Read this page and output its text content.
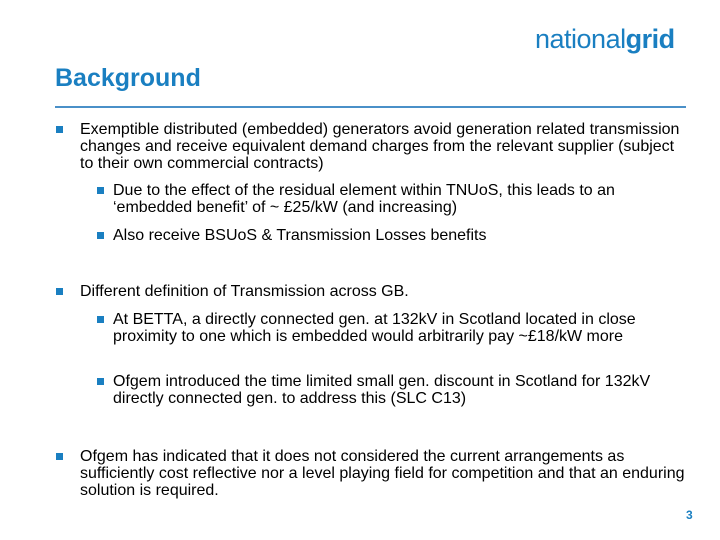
nationalgrid
Background
Exemptible distributed (embedded) generators avoid generation related transmission changes and receive equivalent demand charges from the relevant supplier (subject to their own commercial contracts)
Due to the effect of the residual element within TNUoS, this leads to an ‘embedded benefit’ of ~ £25/kW (and increasing)
Also receive BSUoS & Transmission Losses benefits
Different definition of Transmission across GB.
At BETTA, a directly connected gen. at 132kV in Scotland located in close proximity to one which is embedded would arbitrarily pay ~£18/kW more
Ofgem introduced the time limited small gen. discount in Scotland for 132kV directly connected gen. to address this (SLC C13)
Ofgem has indicated that it does not considered the current arrangements as sufficiently cost reflective nor a level playing field for competition and that an enduring solution is required.
3
